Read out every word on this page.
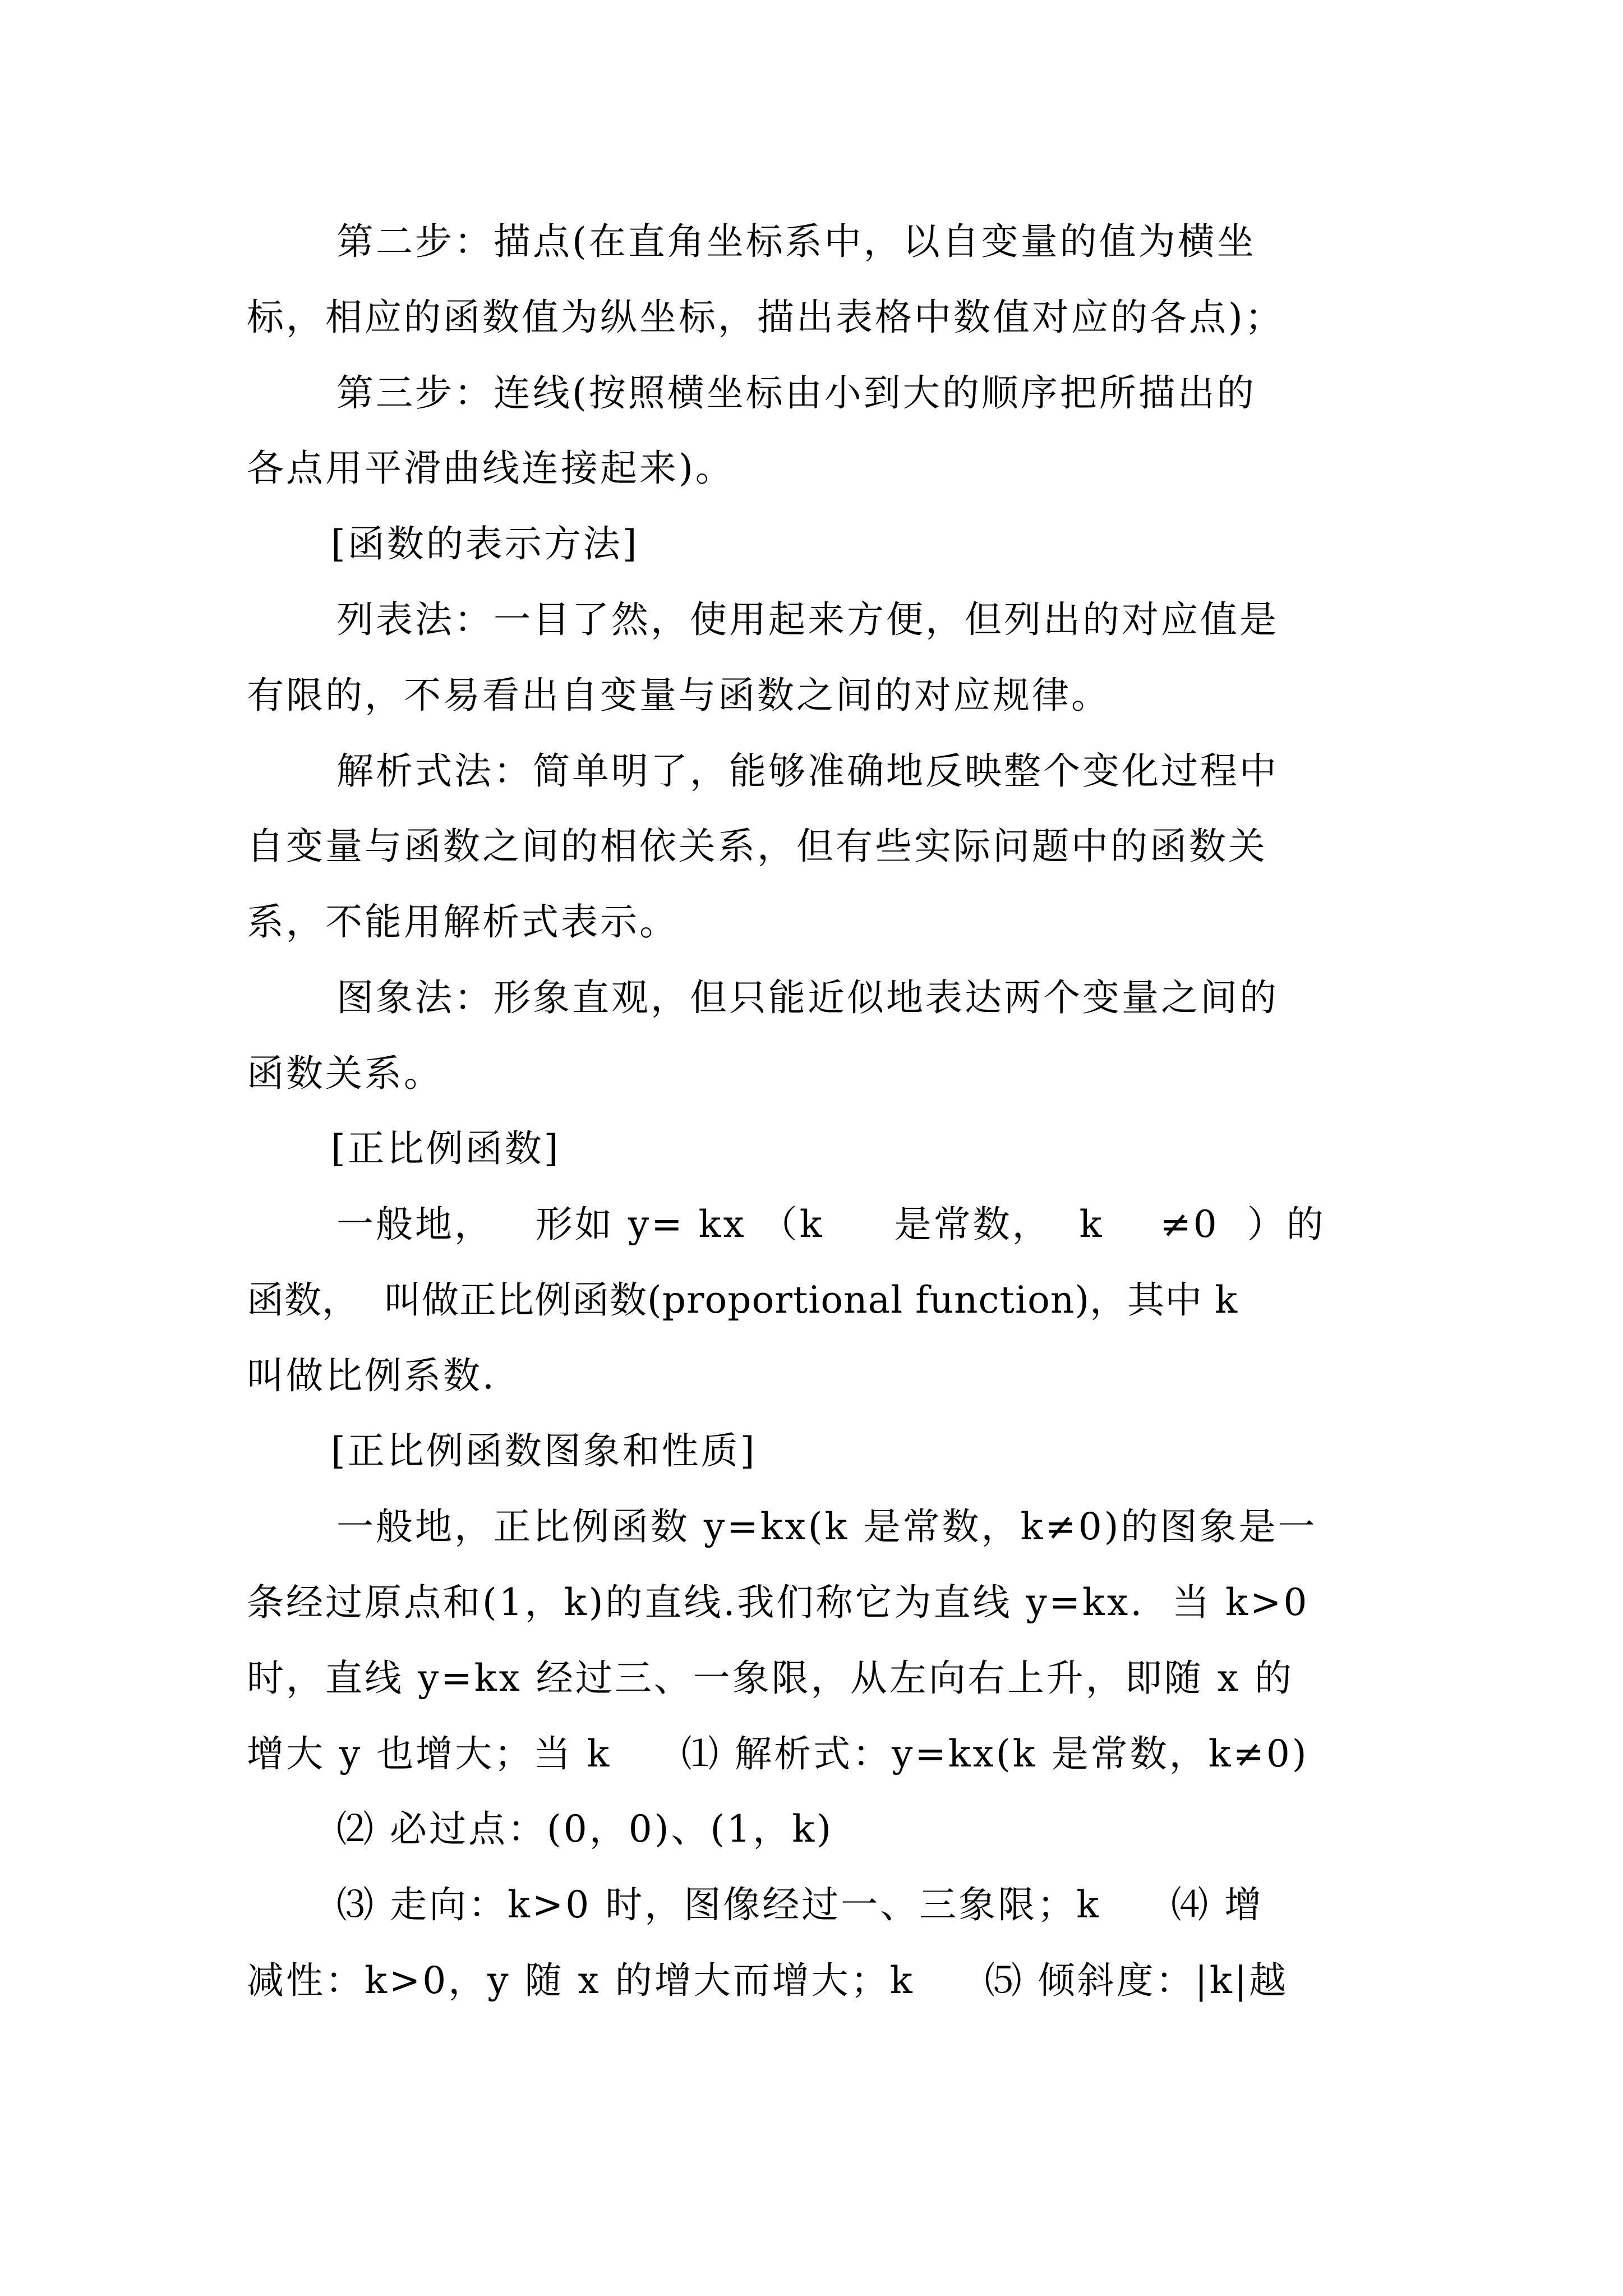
第二步：描点(在直角坐标系中，以自变量的值为横坐
标，相应的函数值为纵坐标，描出表格中数值对应的各点)；
第三步：连线(按照横坐标由小到大的顺序把所描出的
各点用平滑曲线连接起来)。
[函数的表示方法]
列表法：一目了然，使用起来方便，但列出的对应值是
有限的，不易看出自变量与函数之间的对应规律。
解析式法：简单明了，能够准确地反映整个变化过程中
自变量与函数之间的相依关系，但有些实际问题中的函数关
系，不能用解析式表示。
图象法：形象直观，但只能近似地表达两个变量之间的
函数关系。
[正比例函数]
一般地，   形如 y= kx （k     是常数，  k    ≠0  ）的
函数，  叫做正比例函数(proportional function)，其中 k
叫做比例系数.
[正比例函数图象和性质]
一般地，正比例函数 y=kx(k 是常数，k≠0)的图象是一
条经过原点和(1，k)的直线.我们称它为直线 y=kx.  当 k>0
时，直线 y=kx 经过三、一象限，从左向右上升，即随 x 的
增大 y 也增大；当 k     ⑴ 解析式：y=kx(k 是常数，k≠0)
⑵ 必过点：(0，0)、(1，k)
⑶ 走向：k>0 时，图像经过一、三象限；k     ⑷ 增
减性：k>0，y 随 x 的增大而增大；k     ⑸ 倾斜度：|k|越
